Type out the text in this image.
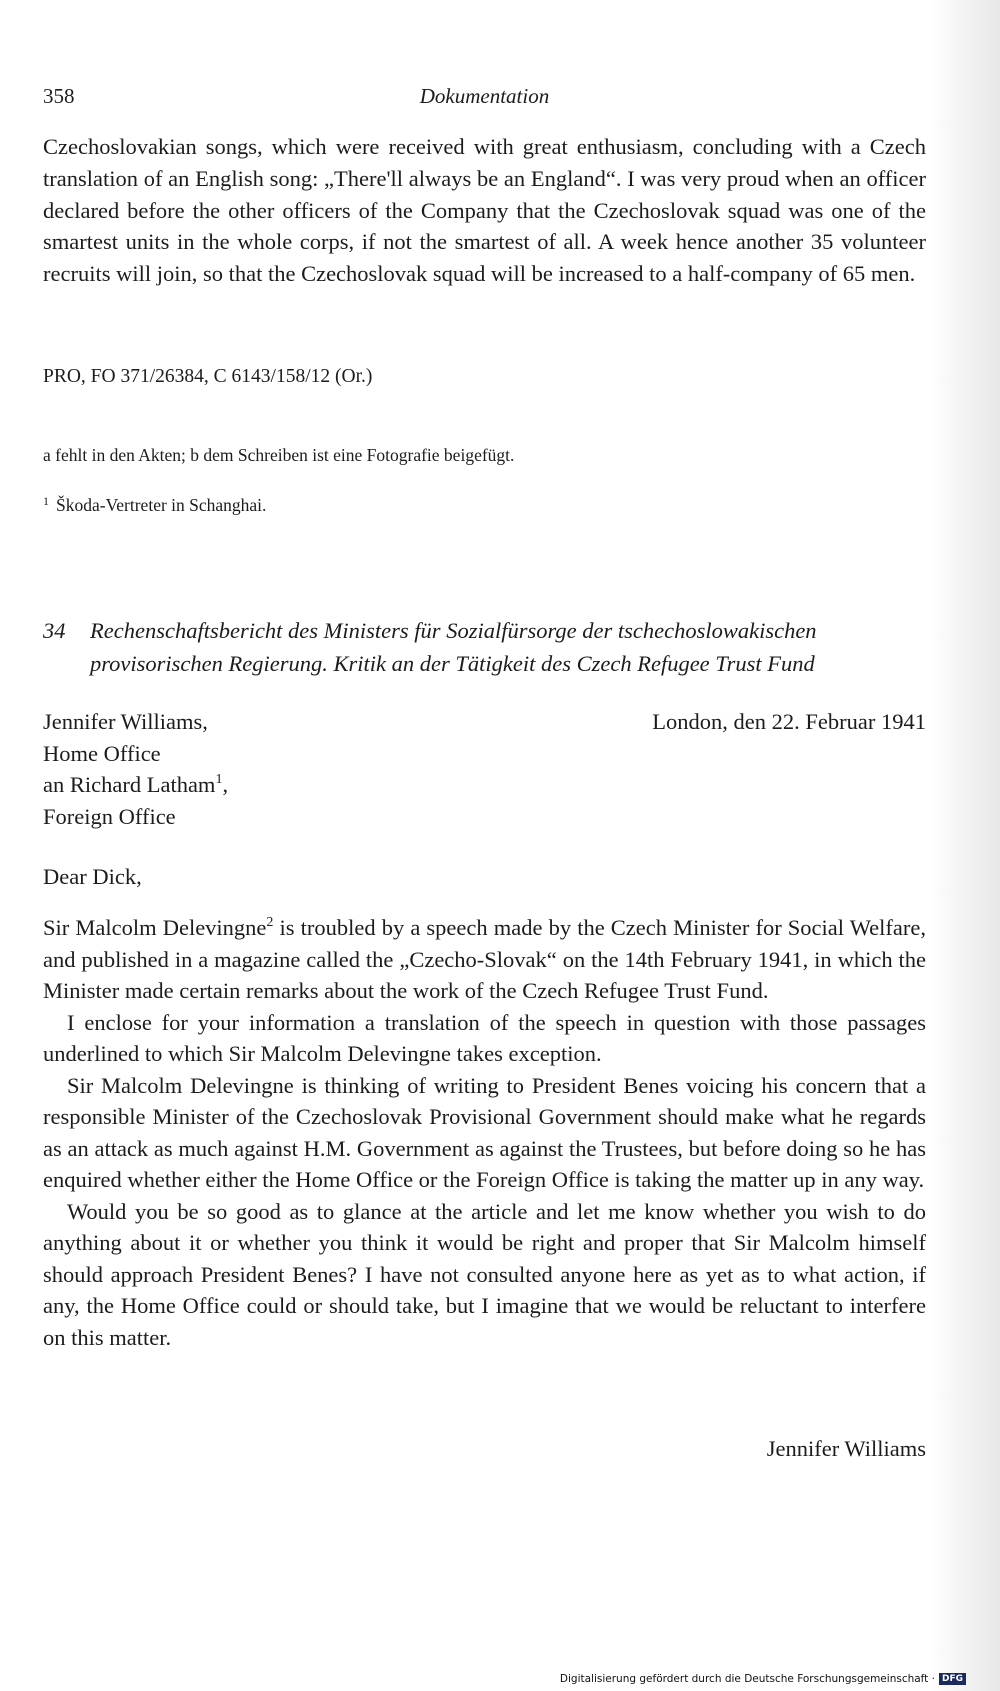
358	Dokumentation

Czechoslovakian songs, which were received with great enthusiasm, concluding with a Czech translation of an English song: „There'll always be an England“. I was very proud when an officer declared before the other officers of the Company that the Czechoslovak squad was one of the smartest units in the whole corps, if not the smartest of all. A week hence another 35 volunteer recruits will join, so that the Czechoslovak squad will be increased to a half-company of 65 men.

PRO, FO 371/26384, C 6143/158/12 (Or.)
a fehlt in den Akten; b dem Schreiben ist eine Fotografie beigefügt.
$^1$ Škoda-Vertreter in Schanghai.
34 Rechenschaftsbericht des Ministers für Sozialfürsorge der tschechoslowakischen provisorischen Regierung. Kritik an der Tätigkeit des Czech Refugee Trust Fund
Jennifer Williams,
Home Office
an Richard Latham$^1$,
Foreign Office
London, den 22. Februar 1941
Dear Dick,

Sir Malcolm Delevingne$^2$ is troubled by a speech made by the Czech Minister for Social Welfare, and published in a magazine called the „Czecho-Slovak“ on the 14th February 1941, in which the Minister made certain remarks about the work of the Czech Refugee Trust Fund.

I enclose for your information a translation of the speech in question with those passages underlined to which Sir Malcolm Delevingne takes exception.

Sir Malcolm Delevingne is thinking of writing to President Benes voicing his concern that a responsible Minister of the Czechoslovak Provisional Government should make what he regards as an attack as much against H.M. Government as against the Trustees, but before doing so he has enquired whether either the Home Office or the Foreign Office is taking the matter up in any way.

Would you be so good as to glance at the article and let me know whether you wish to do anything about it or whether you think it would be right and proper that Sir Malcolm himself should approach President Benes? I have not consulted anyone here as yet as to what action, if any, the Home Office could or should take, but I imagine that we would be reluctant to interfere on this matter.

Jennifer Williams
Digitalisierung gefördert durch die Deutsche Forschungsgemeinschaft · DFG
